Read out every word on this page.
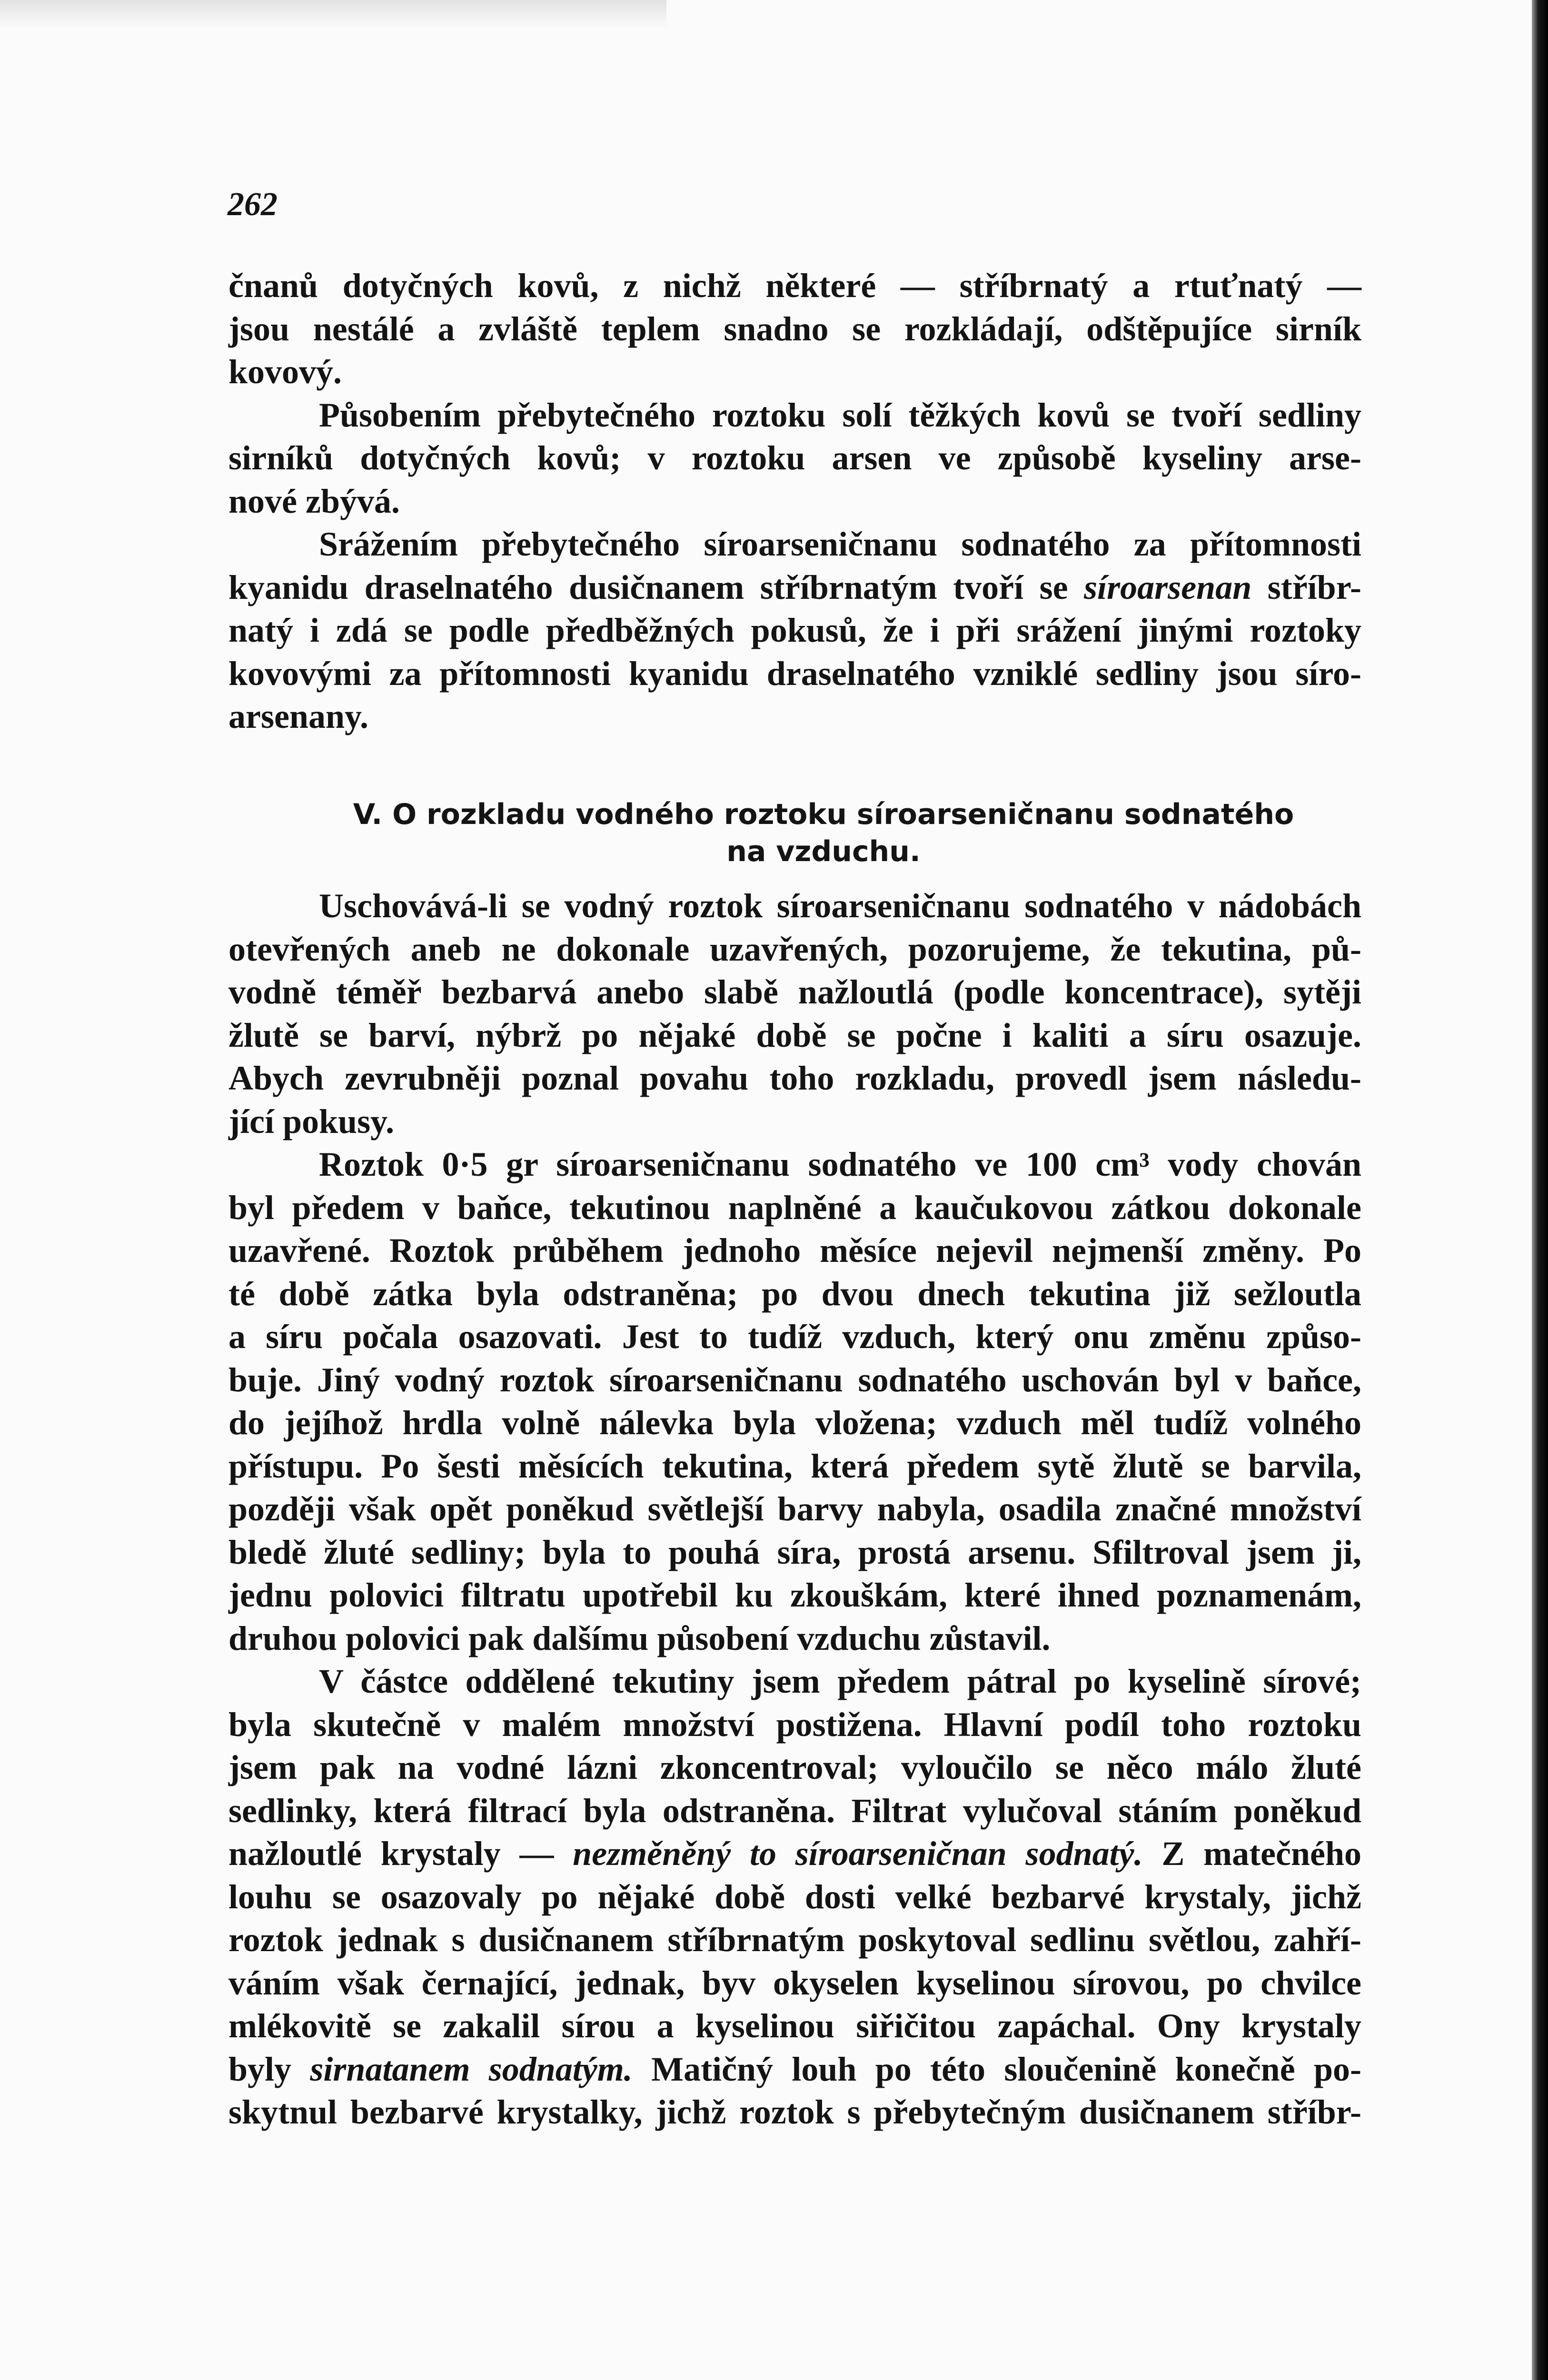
262
čnanů dotyčných kovů, z nichž některé — stříbrnatý a rtuťnatý —
jsou nestálé a zvláště teplem snadno se rozkládají, odštěpujíce sirník
kovový.
Působením přebytečného roztoku solí těžkých kovů se tvoří sedliny
sirníků dotyčných kovů; v roztoku arsen ve způsobě kyseliny arse-
nové zbývá.
Srážením přebytečného síroarseničnanu sodnatého za přítomnosti
kyanidu draselnatého dusičnanem stříbrnatým tvoří se síroarsenan stříbr-
natý i zdá se podle předběžných pokusů, že i při srážení jinými roztoky
kovovými za přítomnosti kyanidu draselnatého vzniklé sedliny jsou síro-
arsenany.
V. O rozkladu vodného roztoku síroarseničnanu sodnatého
na vzduchu.
Uschovává-li se vodný roztok síroarseničnanu sodnatého v nádobách
otevřených aneb ne dokonale uzavřených, pozorujeme, že tekutina, pů-
vodně téměř bezbarvá anebo slabě nažloutlá (podle koncentrace), sytěji
žlutě se barví, nýbrž po nějaké době se počne i kaliti a síru osazuje.
Abych zevrubněji poznal povahu toho rozkladu, provedl jsem následu-
jící pokusy.
Roztok 0·5 gr síroarseničnanu sodnatého ve 100 cm³ vody chován
byl předem v baňce, tekutinou naplněné a kaučukovou zátkou dokonale
uzavřené. Roztok průběhem jednoho měsíce nejevil nejmenší změny. Po
té době zátka byla odstraněna; po dvou dnech tekutina již sežloutla
a síru počala osazovati. Jest to tudíž vzduch, který onu změnu způso-
buje. Jiný vodný roztok síroarseničnanu sodnatého uschován byl v baňce,
do jejíhož hrdla volně nálevka byla vložena; vzduch měl tudíž volného
přístupu. Po šesti měsících tekutina, která předem sytě žlutě se barvila,
později však opět poněkud světlejší barvy nabyla, osadila značné množství
bledě žluté sedliny; byla to pouhá síra, prostá arsenu. Sfiltroval jsem ji,
jednu polovici filtratu upotřebil ku zkouškám, které ihned poznamenám,
druhou polovici pak dalšímu působení vzduchu zůstavil.
V částce oddělené tekutiny jsem předem pátral po kyselině sírové;
byla skutečně v malém množství postižena. Hlavní podíl toho roztoku
jsem pak na vodné lázni zkoncentroval; vyloučilo se něco málo žluté
sedlinky, která filtrací byla odstraněna. Filtrat vylučoval stáním poněkud
nažloutlé krystaly — nezměněný to síroarseničnan sodnatý. Z matečného
louhu se osazovaly po nějaké době dosti velké bezbarvé krystaly, jichž
roztok jednak s dusičnanem stříbrnatým poskytoval sedlinu světlou, zahří-
váním však černající, jednak, byv okyselen kyselinou sírovou, po chvilce
mlékovitě se zakalil sírou a kyselinou siřičitou zapáchal. Ony krystaly
byly sirnatanem sodnatým. Matičný louh po této sloučenině konečně po-
skytnul bezbarvé krystalky, jichž roztok s přebytečným dusičnanem stříbr-
